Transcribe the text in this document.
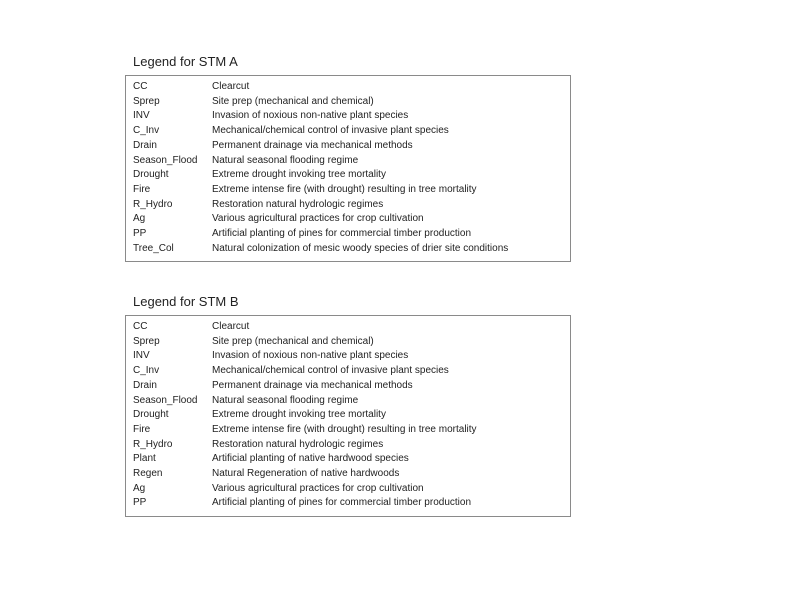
Legend for STM A
CC	Clearcut
Sprep	Site prep (mechanical and chemical)
INV	Invasion of noxious non-native plant species
C_Inv	Mechanical/chemical control of invasive plant species
Drain	Permanent drainage via mechanical methods
Season_Flood	Natural seasonal flooding regime
Drought	Extreme drought invoking tree mortality
Fire	Extreme intense fire (with drought) resulting in tree mortality
R_Hydro	Restoration natural hydrologic regimes
Ag	Various agricultural practices for crop cultivation
PP	Artificial planting of pines for commercial timber production
Tree_Col	Natural colonization of mesic woody species of drier site conditions
Legend for STM B
CC	Clearcut
Sprep	Site prep (mechanical and chemical)
INV	Invasion of noxious non-native plant species
C_Inv	Mechanical/chemical control of invasive plant species
Drain	Permanent drainage via mechanical methods
Season_Flood	Natural seasonal flooding regime
Drought	Extreme drought invoking tree mortality
Fire	Extreme intense fire (with drought) resulting in tree mortality
R_Hydro	Restoration natural hydrologic regimes
Plant	Artificial planting of native hardwood species
Regen	Natural Regeneration of native hardwoods
Ag	Various agricultural practices for crop cultivation
PP	Artificial planting of pines for commercial timber production
